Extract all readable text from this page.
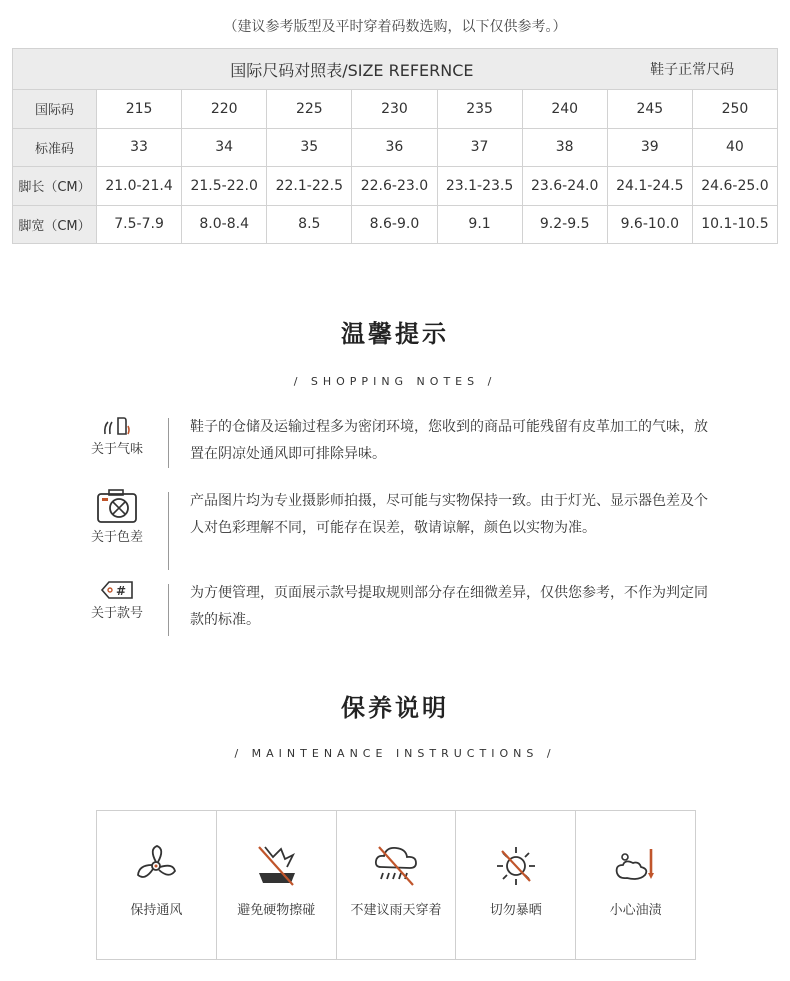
（建议参考版型及平时穿着码数选购，以下仅供参考。）
	国际尺码对照表/SIZE REFERNCE						鞋子正常尺码	
国际码	215	220	225	230	235	240	245	250
标准码	33	34	35	36	37	38	39	40
脚长（CM）	21.0-21.4	21.5-22.0	22.1-22.5	22.6-23.0	23.1-23.5	23.6-24.0	24.1-24.5	24.6-25.0
脚宽（CM）	7.5-7.9	8.0-8.4	8.5	8.6-9.0	9.1	9.2-9.5	9.6-10.0	10.1-10.5
温馨提示
/ SHOPPING NOTES /
关于气味
鞋子的仓储及运输过程多为密闭环境，您收到的商品可能残留有皮革加工的气味，放置在阴凉处通风即可排除异味。
关于色差
产品图片均为专业摄影师拍摄，尽可能与实物保持一致。由于灯光、显示器色差及个人对色彩理解不同，可能存在误差，敬请谅解，颜色以实物为准。
#
关于款号
为方便管理，页面展示款号提取规则部分存在细微差异，仅供您参考，不作为判定同款的标准。
保养说明
/ MAINTENANCE INSTRUCTIONS /
保持通风	避免硬物擦碰	不建议雨天穿着	切勿暴晒	小心油渍
